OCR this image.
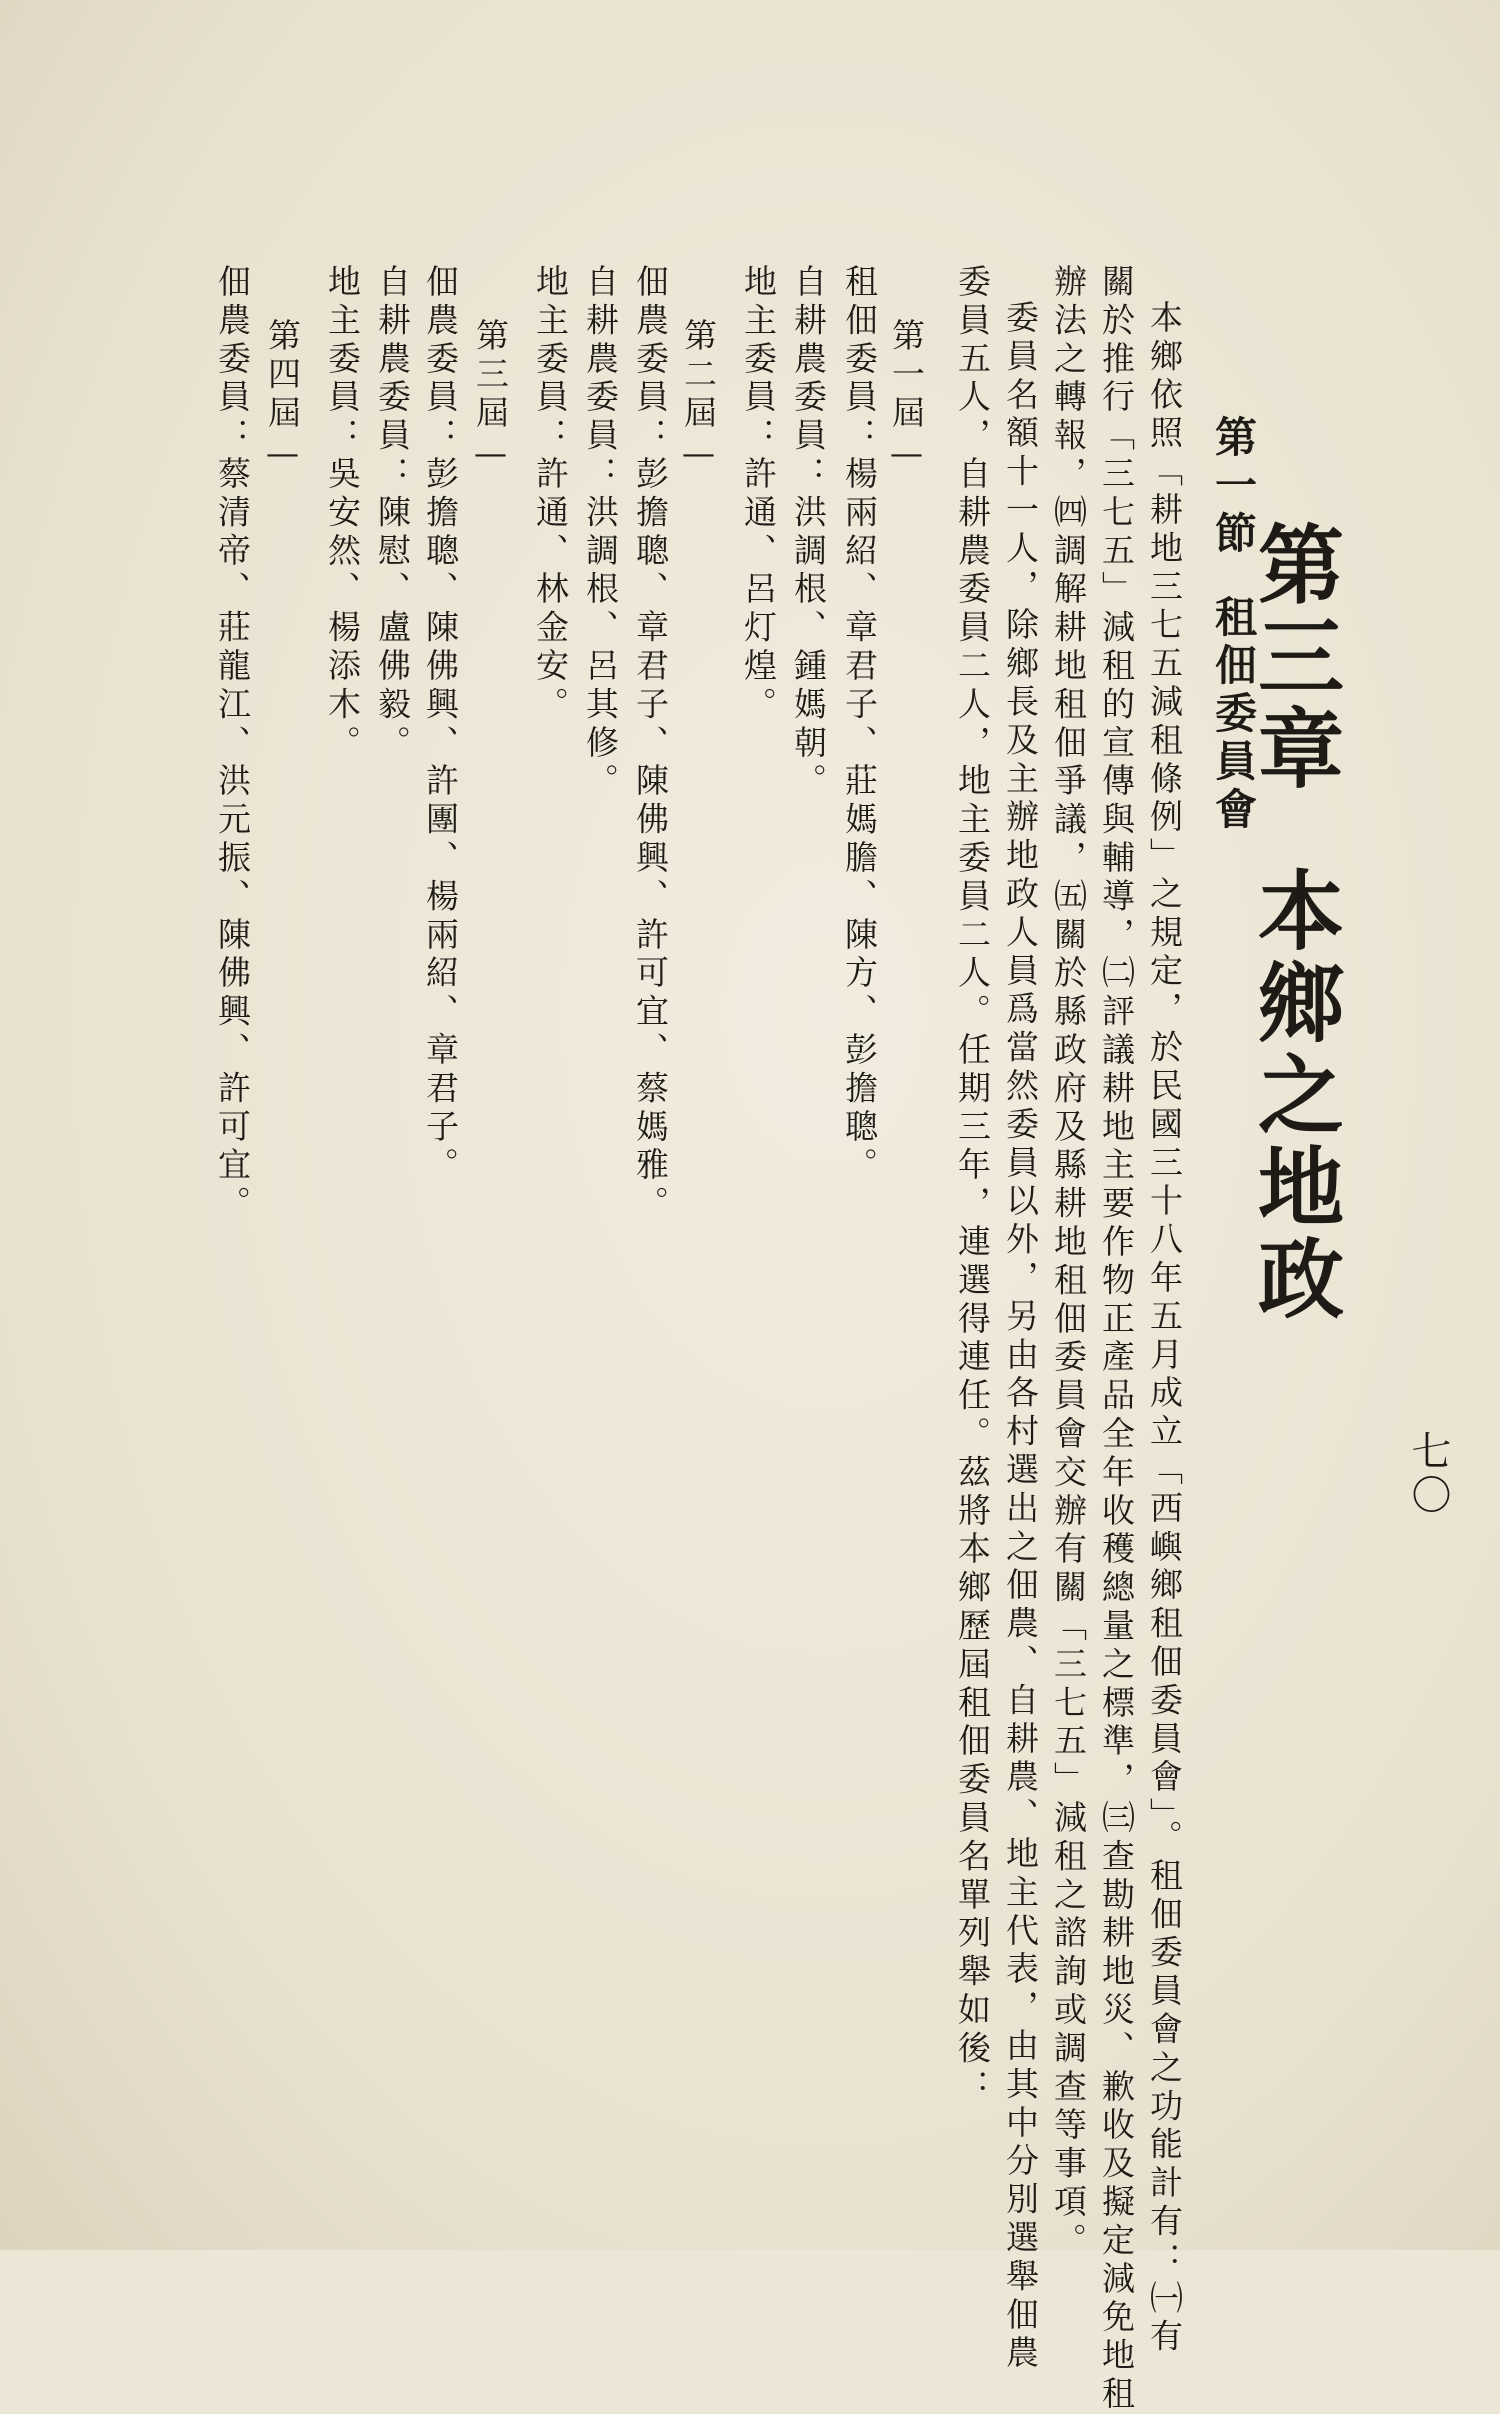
七〇
第三章本鄉之地政
第一節租佃委員會
本鄉依照「耕地三七五減租條例」之規定，於民國三十八年五月成立「西嶼鄉租佃委員會」。租佃委員會之功能計有：㈠有
關於推行「三七五」減租的宣傳與輔導，㈡評議耕地主要作物正產品全年收穫總量之標準，㈢查勘耕地災、歉收及擬定減免地租
辦法之轉報，㈣調解耕地租佃爭議，㈤關於縣政府及縣耕地租佃委員會交辦有關「三七五」減租之諮詢或調查等事項。
委員名額十一人，除鄉長及主辦地政人員爲當然委員以外，另由各村選出之佃農、自耕農、地主代表，由其中分別選舉佃農
委員五人，自耕農委員二人，地主委員二人。任期三年，連選得連任。茲將本鄉歷屆租佃委員名單列舉如後：
第一屆—
租佃委員：楊兩紹、章君子、莊媽膽、陳方、彭擔聰。
自耕農委員：洪調根、鍾媽朝。
地主委員：許通、呂灯煌。
第二屆—
佃農委員：彭擔聰、章君子、陳佛興、許可宜、蔡媽雅。
自耕農委員：洪調根、呂其修。
地主委員：許通、林金安。
第三屆—
佃農委員：彭擔聰、陳佛興、許團、楊兩紹、章君子。
自耕農委員：陳慰、盧佛毅。
地主委員：吳安然、楊添木。
第四屆—
佃農委員：蔡清帝、莊龍江、洪元振、陳佛興、許可宜。
